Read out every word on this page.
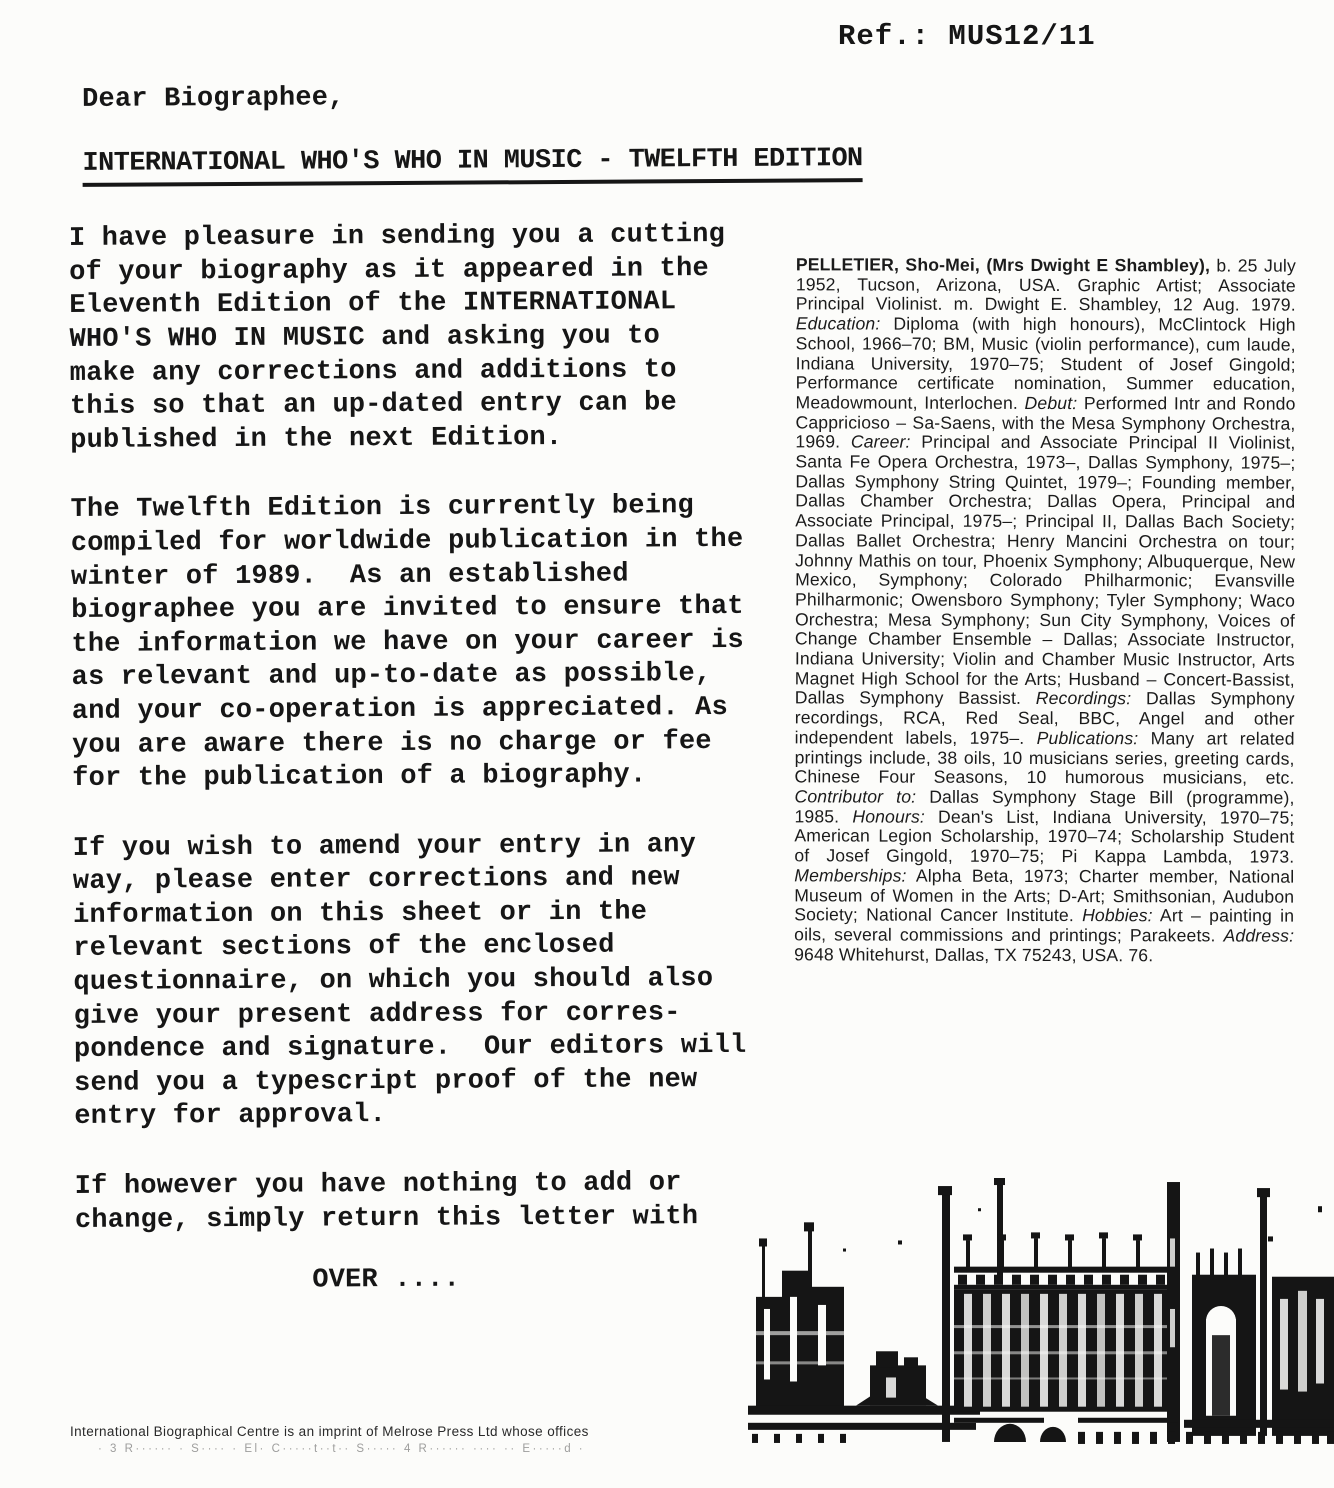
Ref.: MUS12/11

Dear Biographee,

INTERNATIONAL WHO'S WHO IN MUSIC - TWELFTH EDITION

I have pleasure in sending you a cutting
of your biography as it appeared in the
Eleventh Edition of the INTERNATIONAL
WHO'S WHO IN MUSIC and asking you to
make any corrections and additions to
this so that an up-dated entry can be
published in the next Edition.

The Twelfth Edition is currently being
compiled for worldwide publication in the
winter of 1989.  As an established
biographee you are invited to ensure that
the information we have on your career is
as relevant and up-to-date as possible,
and your co-operation is appreciated. As
you are aware there is no charge or fee
for the publication of a biography.

If you wish to amend your entry in any
way, please enter corrections and new
information on this sheet or in the
relevant sections of the enclosed
questionnaire, on which you should also
give your present address for corres-
pondence and signature.  Our editors will
send you a typescript proof of the new
entry for approval.

If however you have nothing to add or
change, simply return this letter with

OVER ....

PELLETIER, Sho-Mei, (Mrs Dwight E Shambley), b. 25 July 1952, Tucson, Arizona, USA. Graphic Artist; Associate Principal Violinist. m. Dwight E. Shambley, 12 Aug. 1979. Education: Diploma (with high honours), McClintock High School, 1966–70; BM, Music (violin performance), cum laude, Indiana University, 1970–75; Student of Josef Gingold; Performance certificate nomination, Summer education, Meadowmount, Interlochen. Debut: Performed Intr and Rondo Cappricioso – Sa-Saens, with the Mesa Symphony Orchestra, 1969. Career: Principal and Associate Principal II Violinist, Santa Fe Opera Orchestra, 1973–, Dallas Symphony, 1975–; Dallas Symphony String Quintet, 1979–; Founding member, Dallas Chamber Orchestra; Dallas Opera, Principal and Associate Principal, 1975–; Principal II, Dallas Bach Society; Dallas Ballet Orchestra; Henry Mancini Orchestra on tour; Johnny Mathis on tour, Phoenix Symphony; Albuquerque, New Mexico, Symphony; Colorado Philharmonic; Evansville Philharmonic; Owensboro Symphony; Tyler Symphony; Waco Orchestra; Mesa Symphony; Sun City Symphony, Voices of Change Chamber Ensemble – Dallas; Associate Instructor, Indiana University; Violin and Chamber Music Instructor, Arts Magnet High School for the Arts; Husband – Concert-Bassist, Dallas Symphony Bassist. Recordings: Dallas Symphony recordings, RCA, Red Seal, BBC, Angel and other independent labels, 1975–. Publications: Many art related printings include, 38 oils, 10 musicians series, greeting cards, Chinese Four Seasons, 10 humorous musicians, etc. Contributor to: Dallas Symphony Stage Bill (programme), 1985. Honours: Dean's List, Indiana University, 1970–75; American Legion Scholarship, 1970–74; Scholarship Student of Josef Gingold, 1970–75; Pi Kappa Lambda, 1973. Memberships: Alpha Beta, 1973; Charter member, National Museum of Women in the Arts; D-Art; Smithsonian, Audubon Society; National Cancer Institute. Hobbies: Art – painting in oils, several commissions and printings; Parakeets. Address: 9648 Whitehurst, Dallas, TX 75243, USA. 76.

International Biographical Centre is an imprint of Melrose Press Ltd whose offices

· 3 R······ · S···· · El· C·····t··t·· S····· 4 R······ ···· ·· E·····d ·
